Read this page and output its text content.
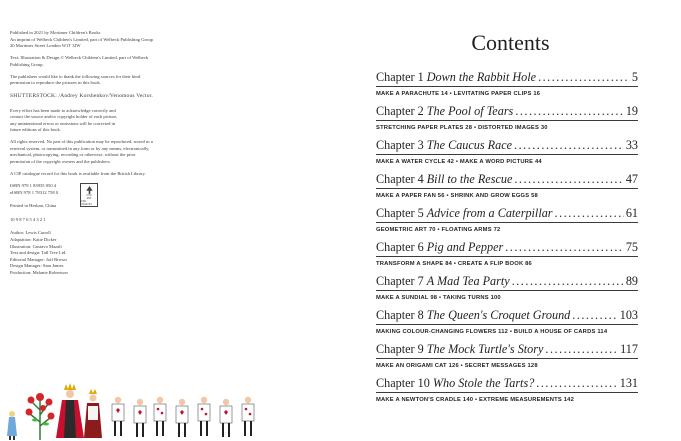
Published in 2021 by Mortimer Children's Books
An imprint of Welbeck Children's Limited, part of Welbeck Publishing Group
20 Mortimer Street London W1T 3JW

Text, Illustration & Design © Welbeck Children's Limited, part of Welbeck
Publishing Group.

The publishers would like to thank the following sources for their kind
permission to reproduce the pictures in this book.

SHUTTERSTOCK: /Andrey Korshenkov/Venomous Vector.

Every effort has been made to acknowledge correctly and
contact the source and/or copyright holder of each picture,
any unintentional errors or omissions will be corrected in
future editions of this book.

All rights reserved. No part of this publication may be reproduced, stored in a
retrieval system, or transmitted in any form or by any means, electronically,
mechanical, photocopying, recording or otherwise, without the prior
permission of the copyright owners and the publishers.

A CIP catalogue record for this book is available from the British Library.

ISBN 978 1 83935 050 4

eISBN 978 1 78312 758 0

Printed in Heshan, China

FSC
MIX
FSC C104723

10 9 8 7 6 5 4 3 2 1

Author: Lewis Carroll

Adaptation: Katie Dicker

Illustration: Gustavo Mazali

Text and design: Tall Tree Ltd.

Editorial Manager: Joff Brown

Design Manager: Sam James

Production: Melanie Robertson

Contents
Chapter 1 Down the Rabbit Hole .....	5
MAKE A PARACHUTE 14 • LEVITATING PAPER CLIPS 16
Chapter 2 The Pool of Tears .....	19
STRETCHING PAPER PLATES 28 • DISTORTED IMAGES 30
Chapter 3 The Caucus Race .....	33
MAKE A WATER CYCLE 42 • MAKE A WORD PICTURE 44
Chapter 4 Bill to the Rescue .....	47
MAKE A PAPER FAN 56 • SHRINK AND GROW EGGS 58
Chapter 5 Advice from a Caterpillar .....	61
GEOMETRIC ART 70 • FLOATING ARMS 72
Chapter 6 Pig and Pepper .....	75
TRANSFORM A SHAPE 84 • CREATE A FLIP BOOK 86
Chapter 7 A Mad Tea Party .....	89
MAKE A SUNDIAL 98 • TAKING TURNS 100
Chapter 8 The Queen's Croquet Ground .....	103
MAKING COLOUR-CHANGING FLOWERS 112 • BUILD A HOUSE OF CARDS 114
Chapter 9 The Mock Turtle's Story .....	117
MAKE AN ORIGAMI CAT 126 • SECRET MESSAGES 128
Chapter 10 Who Stole the Tarts? .....	131
MAKE A NEWTON'S CRADLE 140 • EXTREME MEASUREMENTS 142
